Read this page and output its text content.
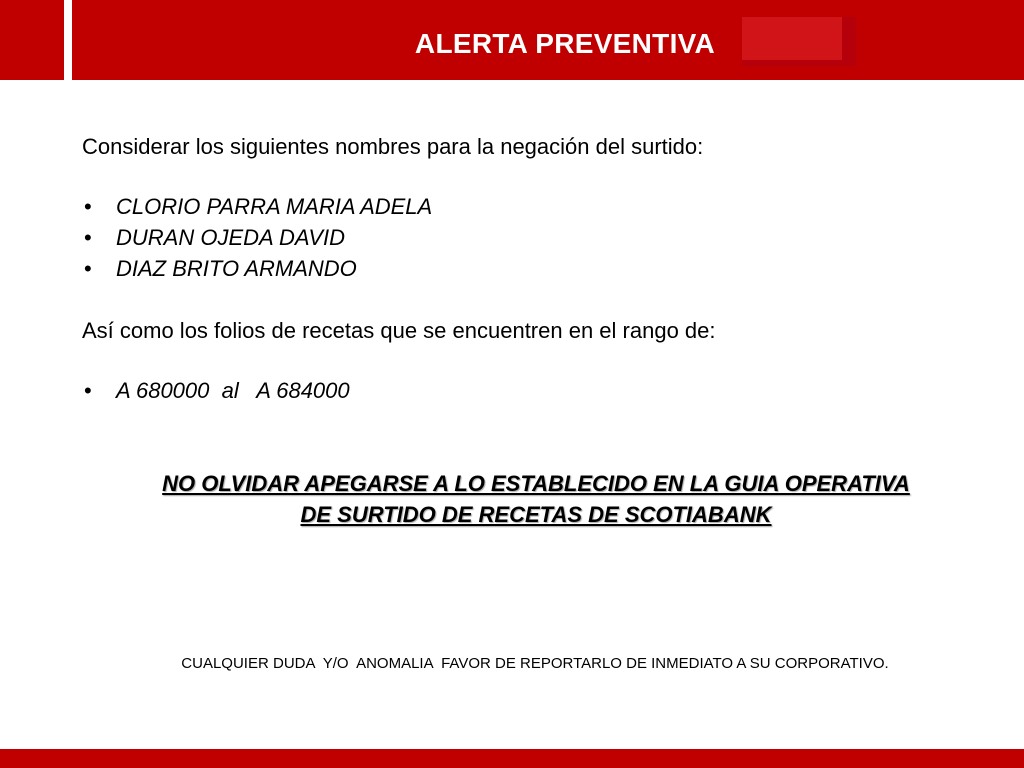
ALERTA PREVENTIVA

Considerar los siguientes nombres para la negación del surtido:

• CLORIO PARRA MARIA ADELA
• DURAN OJEDA DAVID
• DIAZ BRITO ARMANDO

Así como los folios de recetas que se encuentren en el rango de:

• A 680000  al   A 684000
NO OLVIDAR APEGARSE A LO ESTABLECIDO EN LA GUIA OPERATIVA
DE SURTIDO DE RECETAS DE SCOTIABANK
CUALQUIER DUDA  Y/O  ANOMALIA  FAVOR DE REPORTARLO DE INMEDIATO A SU CORPORATIVO.
